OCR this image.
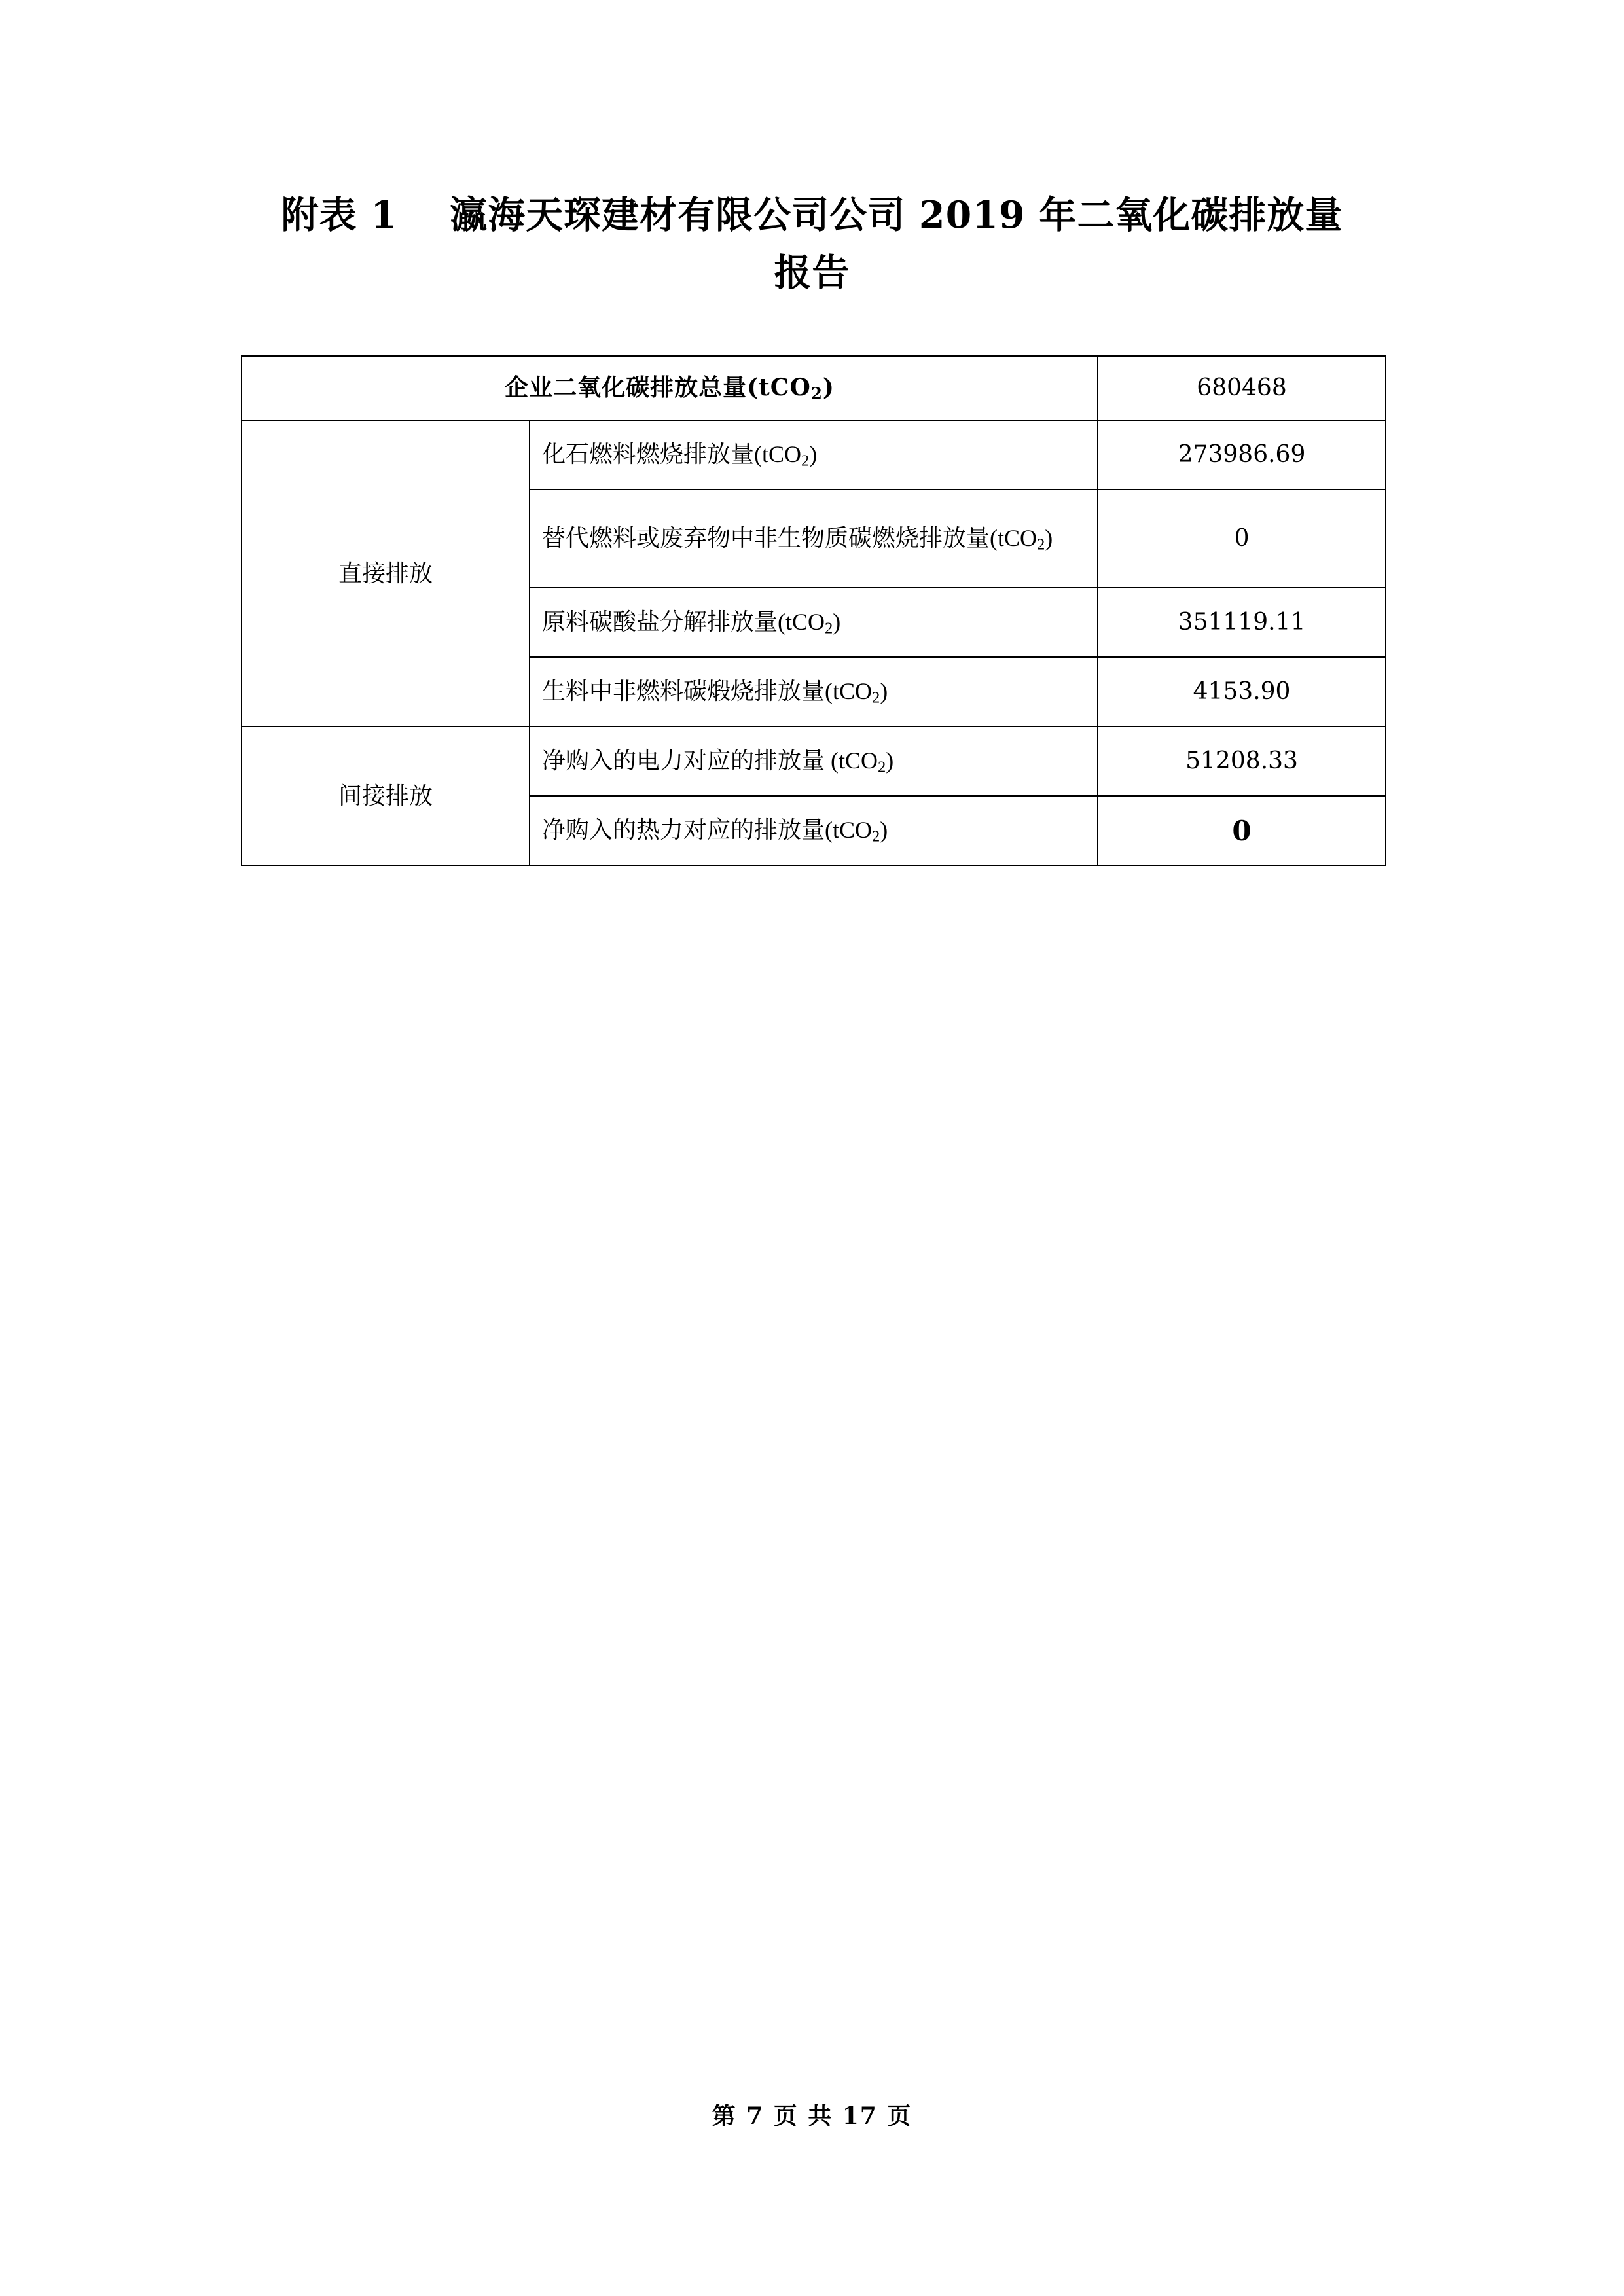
附表 1 瀛海天琛建材有限公司公司 2019 年二氧化碳排放量
报告
企业二氧化碳排放总量(tCO$_2$)		680468
直接排放	化石燃料燃烧排放量(tCO$_2$)	273986.69
	替代燃料或废弃物中非生物质碳燃烧排放量(tCO$_2$)	0
	原料碳酸盐分解排放量(tCO$_2$)	351119.11
	生料中非燃料碳煅烧排放量(tCO$_2$)	4153.90
间接排放	净购入的电力对应的排放量 (tCO$_2$)	51208.33
	净购入的热力对应的排放量(tCO$_2$)	0
第 7 页 共 17 页
